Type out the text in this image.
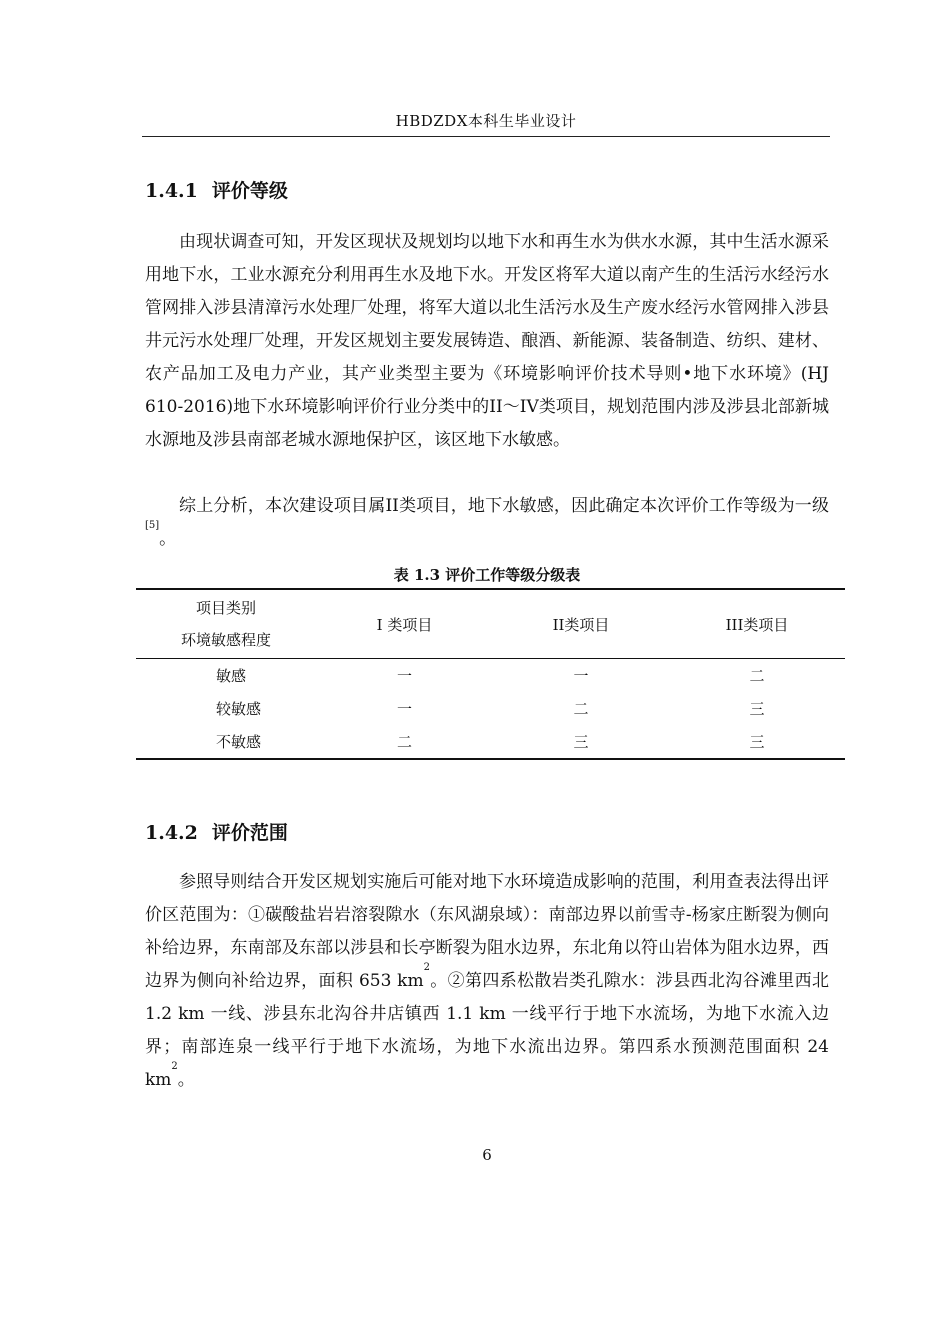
HBDZDX本科生毕业设计
1.4.1 评价等级
由现状调查可知，开发区现状及规划均以地下水和再生水为供水水源，其中生活水源采用地下水，工业水源充分利用再生水及地下水。开发区将军大道以南产生的生活污水经污水管网排入涉县清漳污水处理厂处理，将军大道以北生活污水及生产废水经污水管网排入涉县井元污水处理厂处理，开发区规划主要发展铸造、酿酒、新能源、装备制造、纺织、建材、农产品加工及电力产业，其产业类型主要为《环境影响评价技术导则•地下水环境》(HJ 610-2016)地下水环境影响评价行业分类中的II～IV类项目，规划范围内涉及涉县北部新城水源地及涉县南部老城水源地保护区，该区地下水敏感。
综上分析，本次建设项目属II类项目，地下水敏感，因此确定本次评价工作等级为一级[5]。
表 1.3 评价工作等级分级表
项目类别
环境敏感程度	I 类项目	II类项目	III类项目
敏感	一	一	二
较敏感	一	二	三
不敏感	二	三	三
1.4.2 评价范围
参照导则结合开发区规划实施后可能对地下水环境造成影响的范围，利用查表法得出评价区范围为：①碳酸盐岩岩溶裂隙水（东风湖泉域）：南部边界以前雪寺-杨家庄断裂为侧向补给边界，东南部及东部以涉县和长亭断裂为阻水边界，东北角以符山岩体为阻水边界，西边界为侧向补给边界，面积 653 $km^2$。②第四系松散岩类孔隙水：涉县西北沟谷滩里西北 1.2 km 一线、涉县东北沟谷井店镇西 1.1 km 一线平行于地下水流场，为地下水流入边界；南部连泉一线平行于地下水流场，为地下水流出边界。第四系水预测范围面积 24 $km^2$。
6
